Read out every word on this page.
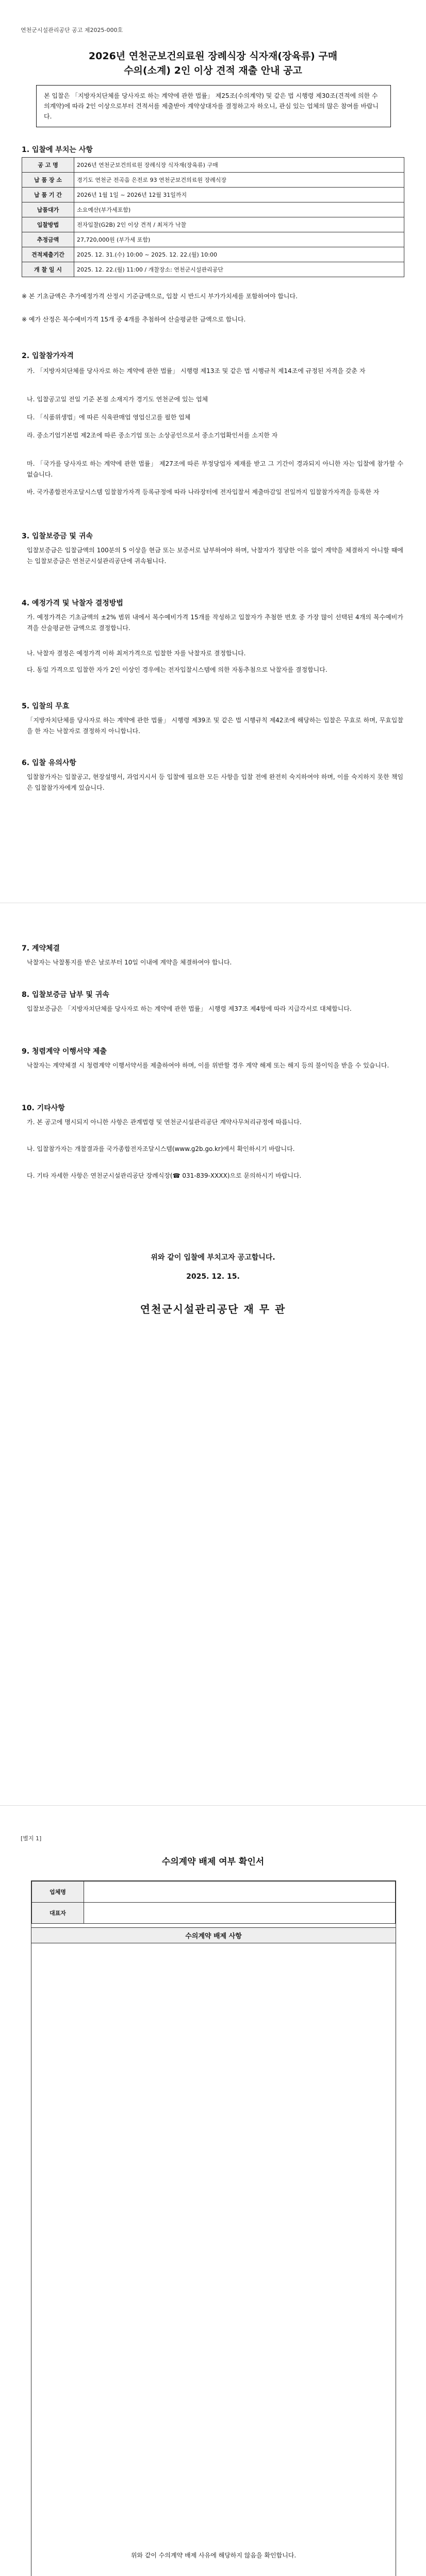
연천군시설관리공단 공고 제2025-000호
2026년 연천군보건의료원 장례식장 식자재(장육류) 구매
수의(소계) 2인 이상 견적 재출 안내 공고
본 입찰은 「지방자치단체를 당사자로 하는 계약에 관한 법률」 제25조(수의계약) 및 같은 법 시행령 제30조(견적에 의한 수의계약)에 따라 2인 이상으로부터 견적서를 제출받아 계약상대자를 결정하고자 하오니, 관심 있는 업체의 많은 참여를 바랍니다.
1. 입찰에 부치는 사항
공 고 명	2026년 연천군보건의료원 장례식장 식자재(장육류) 구매
납 품 장 소	경기도 연천군 전곡읍 은전로 93 연천군보건의료원 장례식장
납 품 기 간	2026년 1월 1일 ~ 2026년 12월 31일까지
납품대가	소요예산(부가세포함)
입찰방법	전자입찰(G2B) 2인 이상 견적 / 최저가 낙찰
추정금액	27,720,000원 (부가세 포함)
견적제출기간	2025. 12. 31.(수) 10:00 ~ 2025. 12. 22.(월) 10:00
개 찰 일 시	2025. 12. 22.(월) 11:00 / 개찰장소: 연천군시설관리공단
※ 본 기초금액은 추가예정가격 산정시 기준금액으로, 입찰 시 반드시 부가가치세를 포함하여야 합니다.
※ 예가 산정은 복수예비가격 15개 중 4개를 추첨하여 산술평균한 금액으로 합니다.
2. 입찰참가자격
가. 「지방자치단체를 당사자로 하는 계약에 관한 법률」 시행령 제13조 및 같은 법 시행규칙 제14조에 규정된 자격을 갖춘 자
나. 입찰공고일 전일 기준 본점 소재지가 경기도 연천군에 있는 업체
다. 「식품위생법」에 따른 식육판매업 영업신고를 필한 업체
라. 중소기업기본법 제2조에 따른 중소기업 또는 소상공인으로서 중소기업확인서를 소지한 자
마. 「국가를 당사자로 하는 계약에 관한 법률」 제27조에 따른 부정당업자 제재를 받고 그 기간이 경과되지 아니한 자는 입찰에 참가할 수 없습니다.
바. 국가종합전자조달시스템 입찰참가자격 등록규정에 따라 나라장터에 전자입찰서 제출마감일 전일까지 입찰참가자격을 등록한 자
3. 입찰보증금 및 귀속
입찰보증금은 입찰금액의 100분의 5 이상을 현금 또는 보증서로 납부하여야 하며, 낙찰자가 정당한 이유 없이 계약을 체결하지 아니할 때에는 입찰보증금은 연천군시설관리공단에 귀속됩니다.
4. 예정가격 및 낙찰자 결정방법
가. 예정가격은 기초금액의 ±2% 범위 내에서 복수예비가격 15개를 작성하고 입찰자가 추첨한 번호 중 가장 많이 선택된 4개의 복수예비가격을 산술평균한 금액으로 결정합니다.
나. 낙찰자 결정은 예정가격 이하 최저가격으로 입찰한 자를 낙찰자로 결정합니다.
다. 동일 가격으로 입찰한 자가 2인 이상인 경우에는 전자입찰시스템에 의한 자동추첨으로 낙찰자를 결정합니다.
5. 입찰의 무효
「지방자치단체를 당사자로 하는 계약에 관한 법률」 시행령 제39조 및 같은 법 시행규칙 제42조에 해당하는 입찰은 무효로 하며, 무효입찰을 한 자는 낙찰자로 결정하지 아니합니다.
6. 입찰 유의사항
입찰참가자는 입찰공고, 현장설명서, 과업지시서 등 입찰에 필요한 모든 사항을 입찰 전에 완전히 숙지하여야 하며, 이를 숙지하지 못한 책임은 입찰참가자에게 있습니다.
7. 계약체결
낙찰자는 낙찰통지를 받은 날로부터 10일 이내에 계약을 체결하여야 합니다.
8. 입찰보증금 납부 및 귀속
입찰보증금은 「지방자치단체를 당사자로 하는 계약에 관한 법률」 시행령 제37조 제4항에 따라 지급각서로 대체합니다.
9. 청렴계약 이행서약 제출
낙찰자는 계약체결 시 청렴계약 이행서약서를 제출하여야 하며, 이를 위반할 경우 계약 해제 또는 해지 등의 불이익을 받을 수 있습니다.
10. 기타사항
가. 본 공고에 명시되지 아니한 사항은 관계법령 및 연천군시설관리공단 계약사무처리규정에 따릅니다.
나. 입찰참가자는 개찰결과를 국가종합전자조달시스템(www.g2b.go.kr)에서 확인하시기 바랍니다.
다. 기타 자세한 사항은 연천군시설관리공단 장례식장(☎ 031-839-XXXX)으로 문의하시기 바랍니다.
위와 같이 입찰에 부치고자 공고합니다.
2025. 12. 15.
연천군시설관리공단 재 무 관
[별지 1]
수의계약 배제 여부 확인서
업체명	
대표자	
수의계약 배제 사항
위와 같이 수의계약 배제 사유에 해당하지 않음을 확인합니다.
